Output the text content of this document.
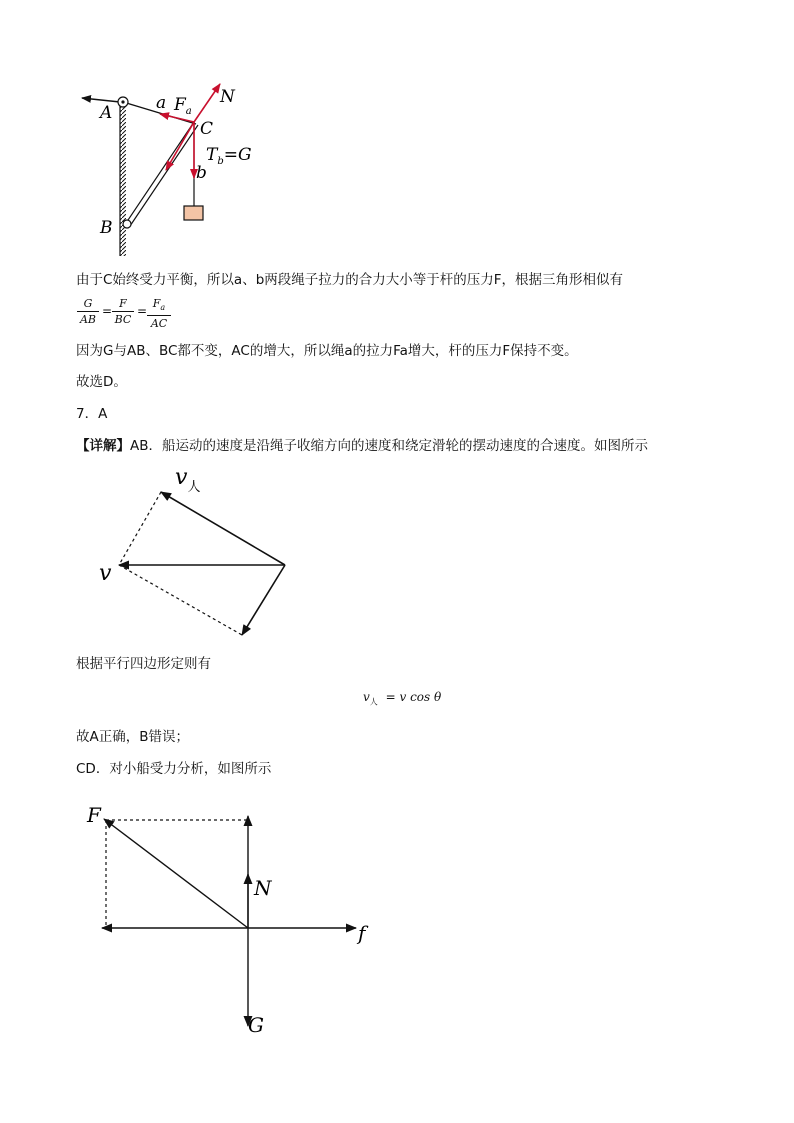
A
B
C
a
b
N
$F_a$
$T_b=G$
由于C始终受力平衡，所以a、b两段绳子拉力的合力大小等于杆的压力F，根据三角形相似有
G
AB
=
F
BC
=
$F_a$
AC
因为G与AB、BC都不变，AC的增大，所以绳a的拉力Fa增大，杆的压力F保持不变。
故选D。
7．A
【详解】AB．船运动的速度是沿绳子收缩方向的速度和绕定滑轮的摆动速度的合速度。如图所示
$v_人$
v
根据平行四边形定则有
$v_人 = v$ cos θ
故A正确，B错误；
CD．对小船受力分析，如图所示
F
N
f
G
